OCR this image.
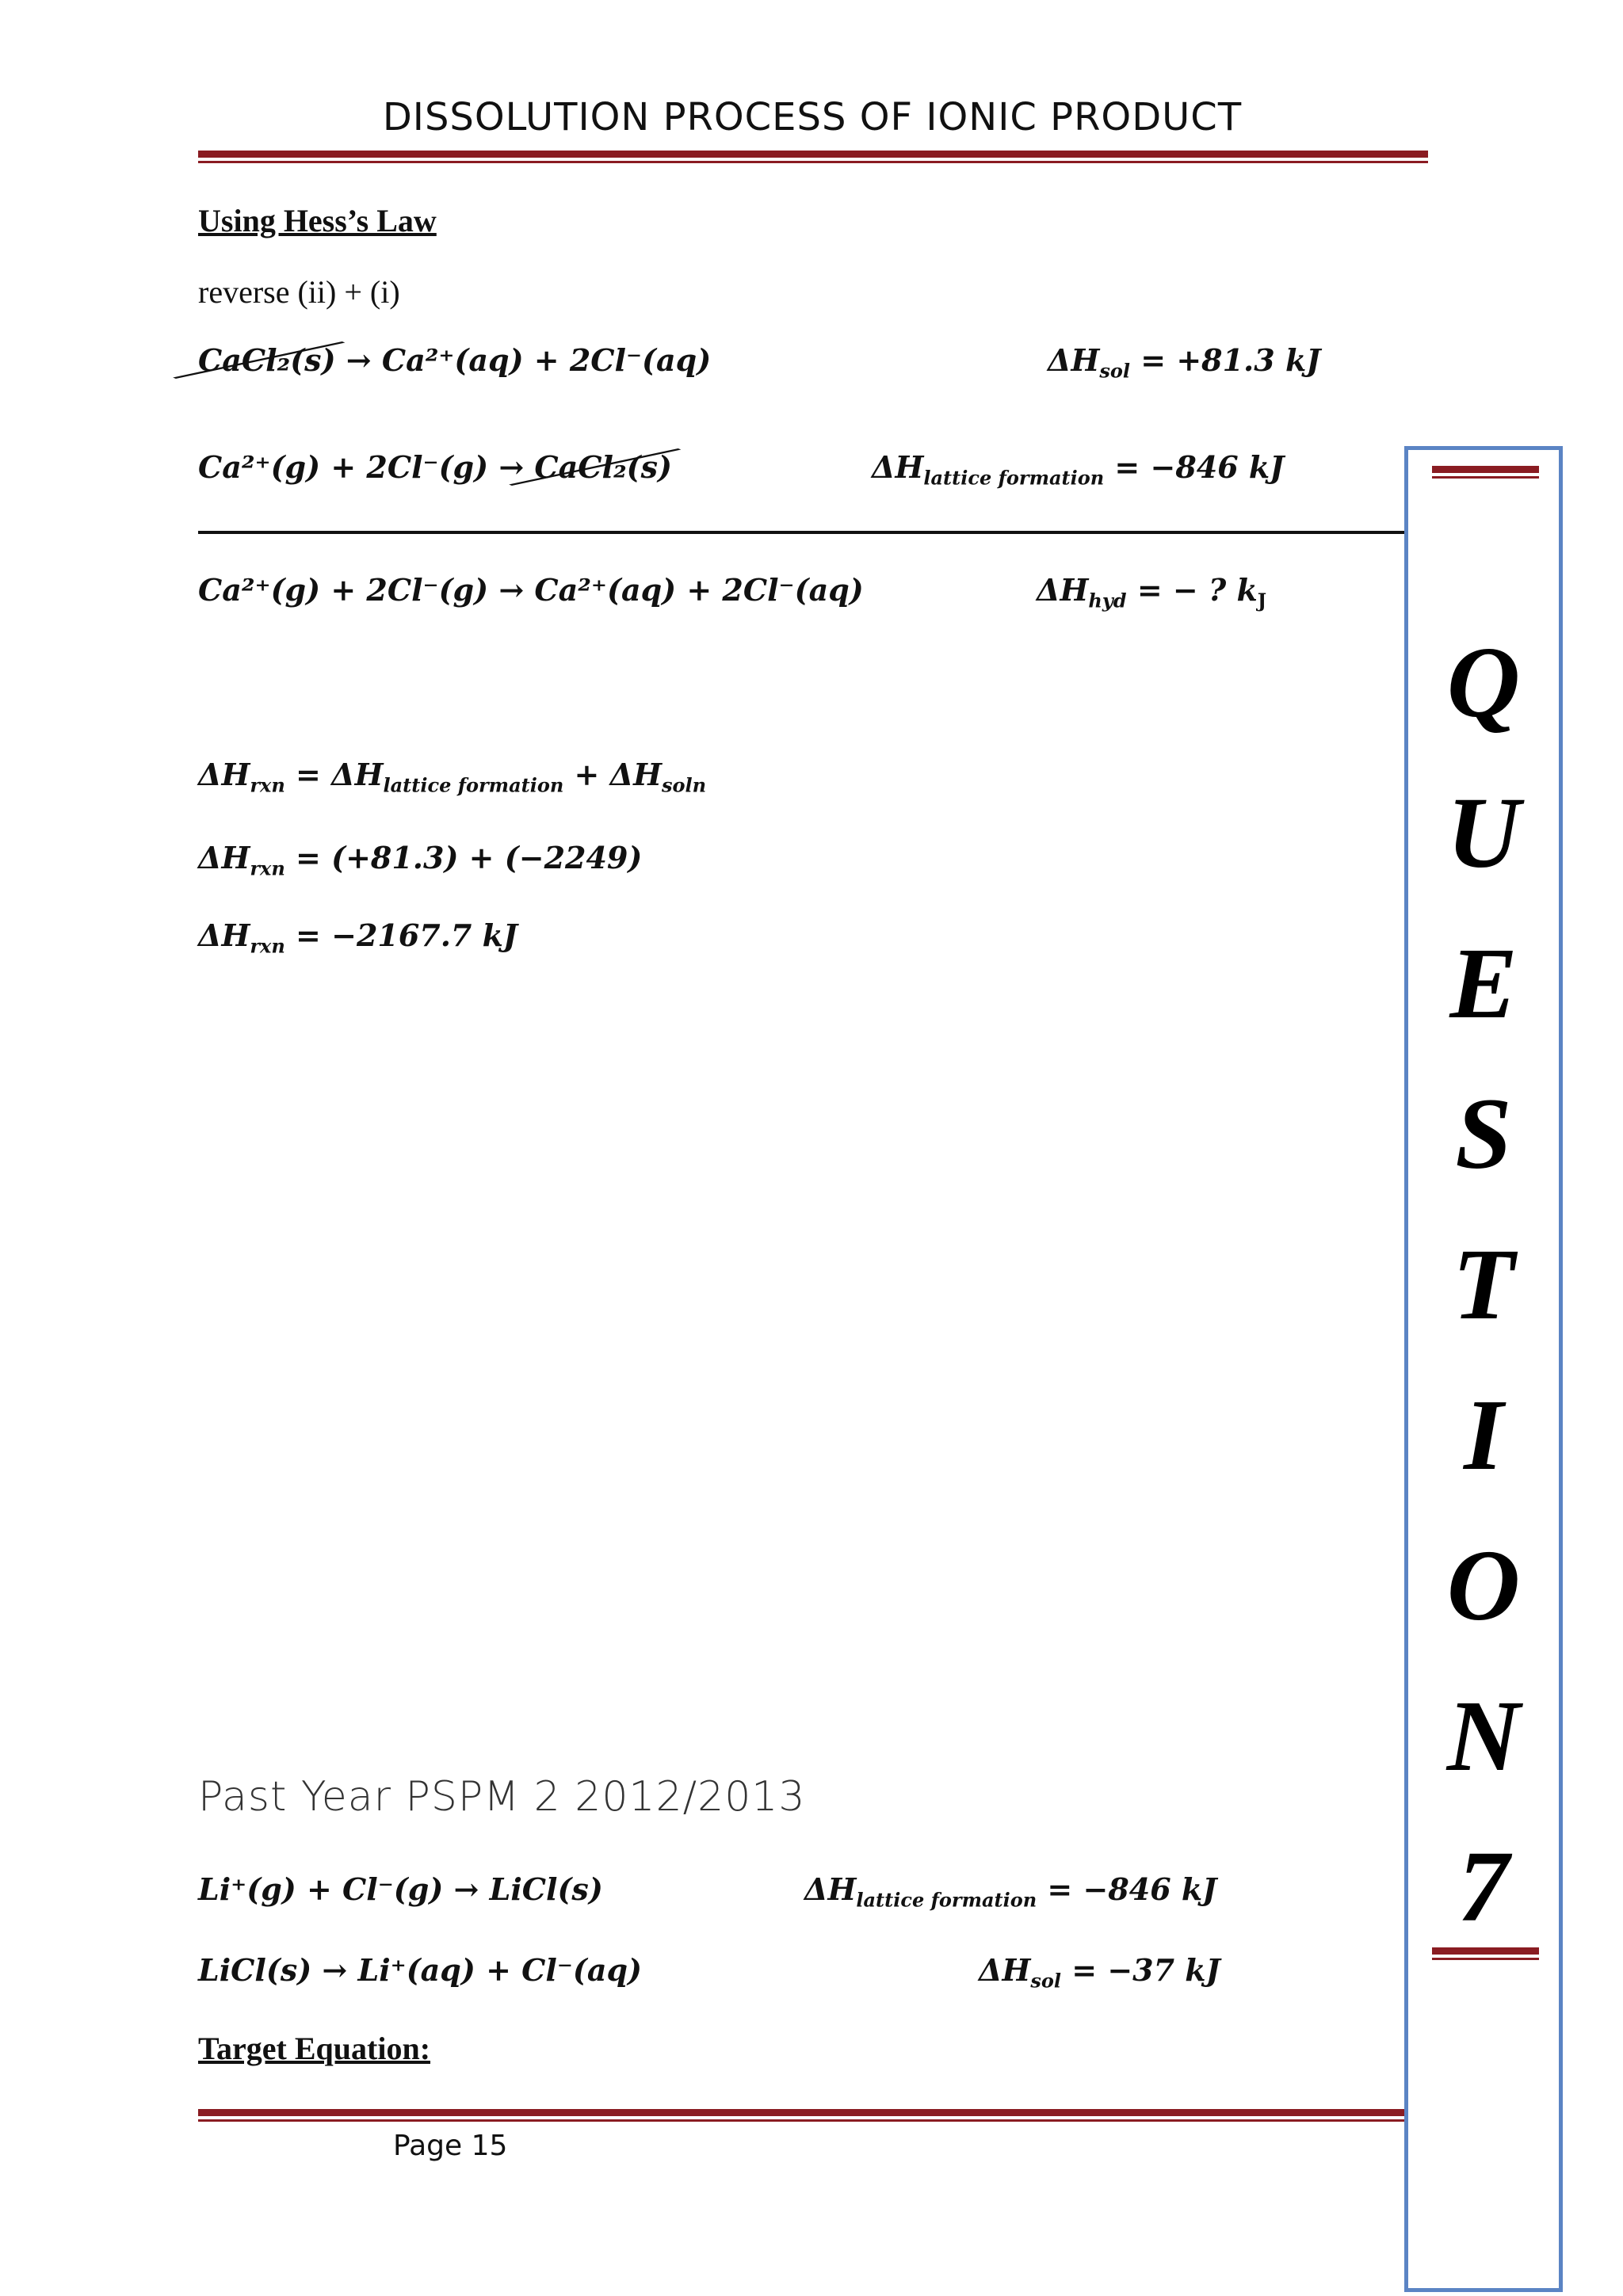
DISSOLUTION PROCESS OF IONIC PRODUCT
Using Hess’s Law
reverse (ii) + (i)
CaCl₂(s) → Ca²⁺(aq) + 2Cl⁻(aq)	$\Delta H_{sol} = +81.3$ kJ
Ca²⁺(g) + 2Cl⁻(g) → CaCl₂(s)	$\Delta H_{lattice formation} = -846$ kJ
Ca²⁺(g) + 2Cl⁻(g) → Ca²⁺(aq) + 2Cl⁻(aq)	$\Delta H_{hyd}$ = − ? $k_J$
$\Delta H_{rxn} = \Delta H_{lattice formation} + \Delta H_{soln}$
$\Delta H_{rxn} = (+81.3) + (-2249)$
$\Delta H_{rxn} = -2167.7$ kJ
Past Year PSPM 2 2012/2013
Li⁺(g) + Cl⁻(g) → LiCl(s)	$\Delta H_{lattice formation} = -846$ kJ
LiCl(s) → Li⁺(aq) + Cl⁻(aq)	$\Delta H_{sol} = -37$ kJ
Target Equation:
Page 15
Q
U
E
S
T
I
O
N
7
